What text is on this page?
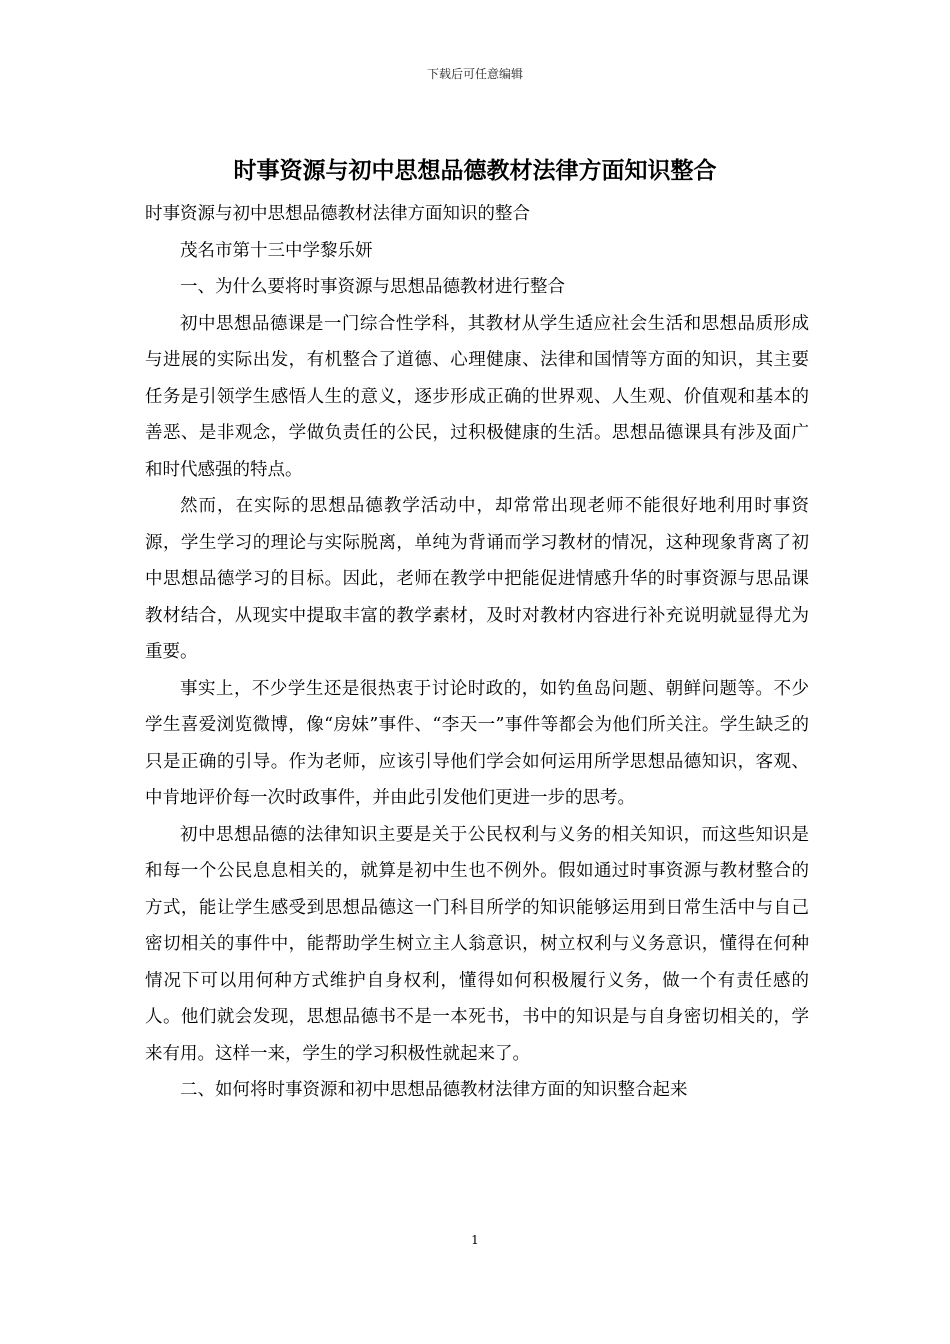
下载后可任意编辑
时事资源与初中思想品德教材法律方面知识整合

时事资源与初中思想品德教材法律方面知识的整合

茂名市第十三中学黎乐妍

一、为什么要将时事资源与思想品德教材进行整合

初中思想品德课是一门综合性学科，其教材从学生适应社会生活和思想品质形成与进展的实际出发，有机整合了道德、心理健康、法律和国情等方面的知识，其主要任务是引领学生感悟人生的意义，逐步形成正确的世界观、人生观、价值观和基本的善恶、是非观念，学做负责任的公民，过积极健康的生活。思想品德课具有涉及面广和时代感强的特点。

然而，在实际的思想品德教学活动中，却常常出现老师不能很好地利用时事资源，学生学习的理论与实际脱离，单纯为背诵而学习教材的情况，这种现象背离了初中思想品德学习的目标。因此，老师在教学中把能促进情感升华的时事资源与思品课教材结合，从现实中提取丰富的教学素材，及时对教材内容进行补充说明就显得尤为重要。

事实上，不少学生还是很热衷于讨论时政的，如钓鱼岛问题、朝鲜问题等。不少学生喜爱浏览微博，像“房妹”事件、“李天一”事件等都会为他们所关注。学生缺乏的只是正确的引导。作为老师，应该引导他们学会如何运用所学思想品德知识，客观、中肯地评价每一次时政事件，并由此引发他们更进一步的思考。

初中思想品德的法律知识主要是关于公民权利与义务的相关知识，而这些知识是和每一个公民息息相关的，就算是初中生也不例外。假如通过时事资源与教材整合的方式，能让学生感受到思想品德这一门科目所学的知识能够运用到日常生活中与自己密切相关的事件中，能帮助学生树立主人翁意识，树立权利与义务意识，懂得在何种情况下可以用何种方式维护自身权利，懂得如何积极履行义务，做一个有责任感的人。他们就会发现，思想品德书不是一本死书，书中的知识是与自身密切相关的，学来有用。这样一来，学生的学习积极性就起来了。

二、如何将时事资源和初中思想品德教材法律方面的知识整合起来

1
